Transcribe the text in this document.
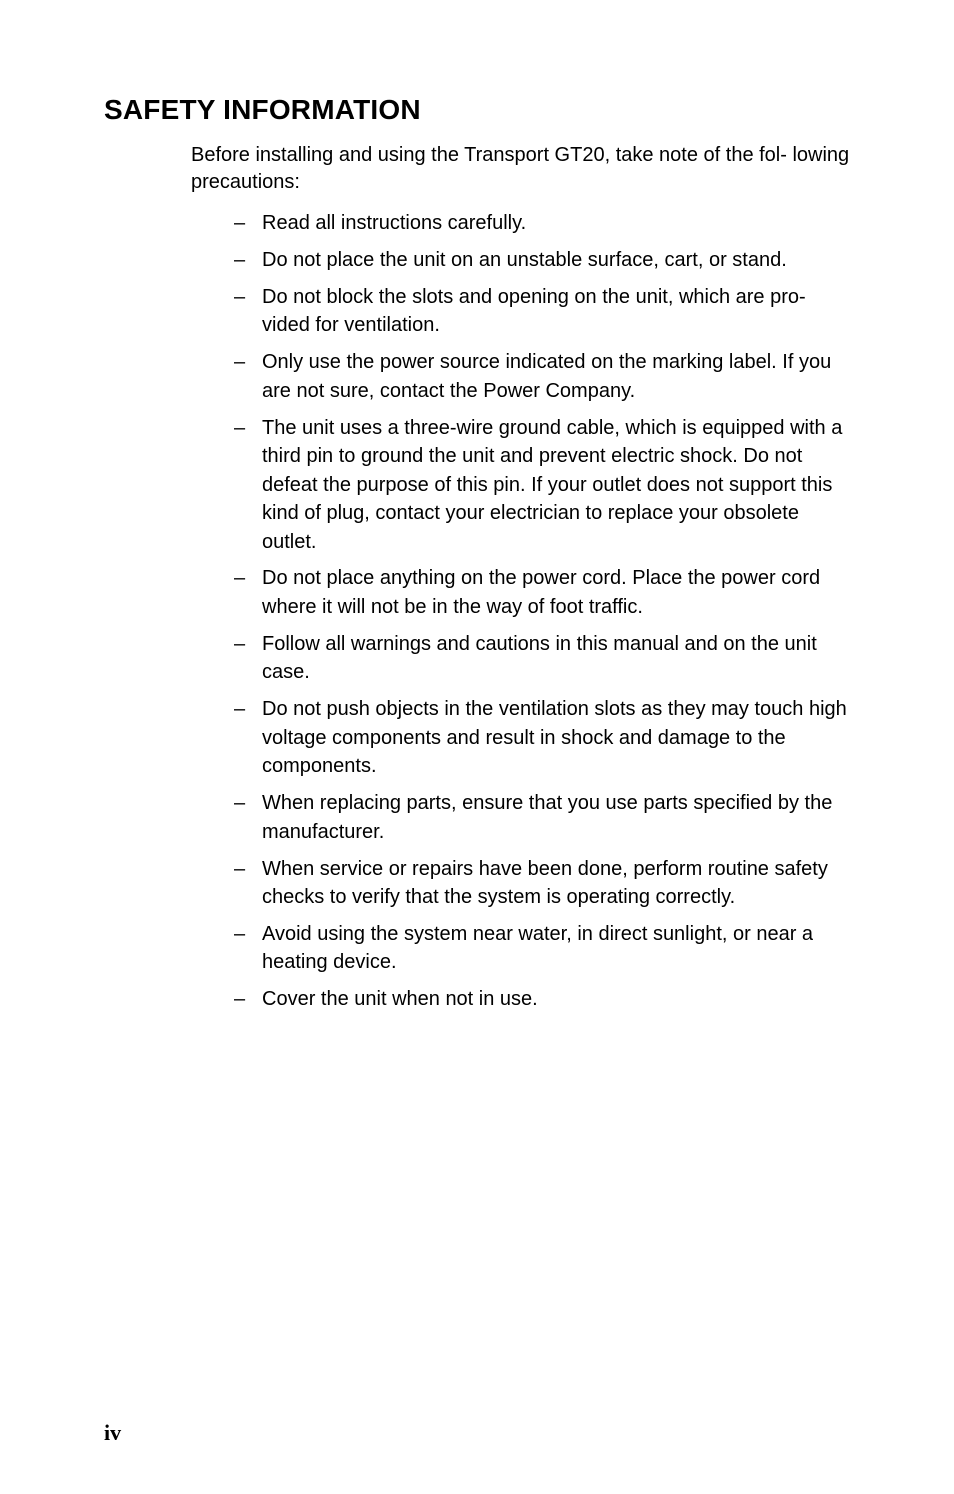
SAFETY INFORMATION

Before installing and using the Transport GT20, take note of the fol- lowing precautions:

– Read all instructions carefully.
– Do not place the unit on an unstable surface, cart, or stand.
– Do not block the slots and opening on the unit, which are pro- vided for ventilation.
– Only use the power source indicated on the marking label. If you are not sure, contact the Power Company.
– The unit uses a three-wire ground cable, which is equipped with a third pin to ground the unit and prevent electric shock. Do not defeat the purpose of this pin. If your outlet does not support this kind of plug, contact your electrician to replace your obsolete outlet.
– Do not place anything on the power cord. Place the power cord where it will not be in the way of foot traffic.
– Follow all warnings and cautions in this manual and on the unit case.
– Do not push objects in the ventilation slots as they may touch high voltage components and result in shock and damage to the components.
– When replacing parts, ensure that you use parts specified by the manufacturer.
– When service or repairs have been done, perform routine safety checks to verify that the system is operating correctly.
– Avoid using the system near water, in direct sunlight, or near a heating device.
– Cover the unit when not in use.

iv
